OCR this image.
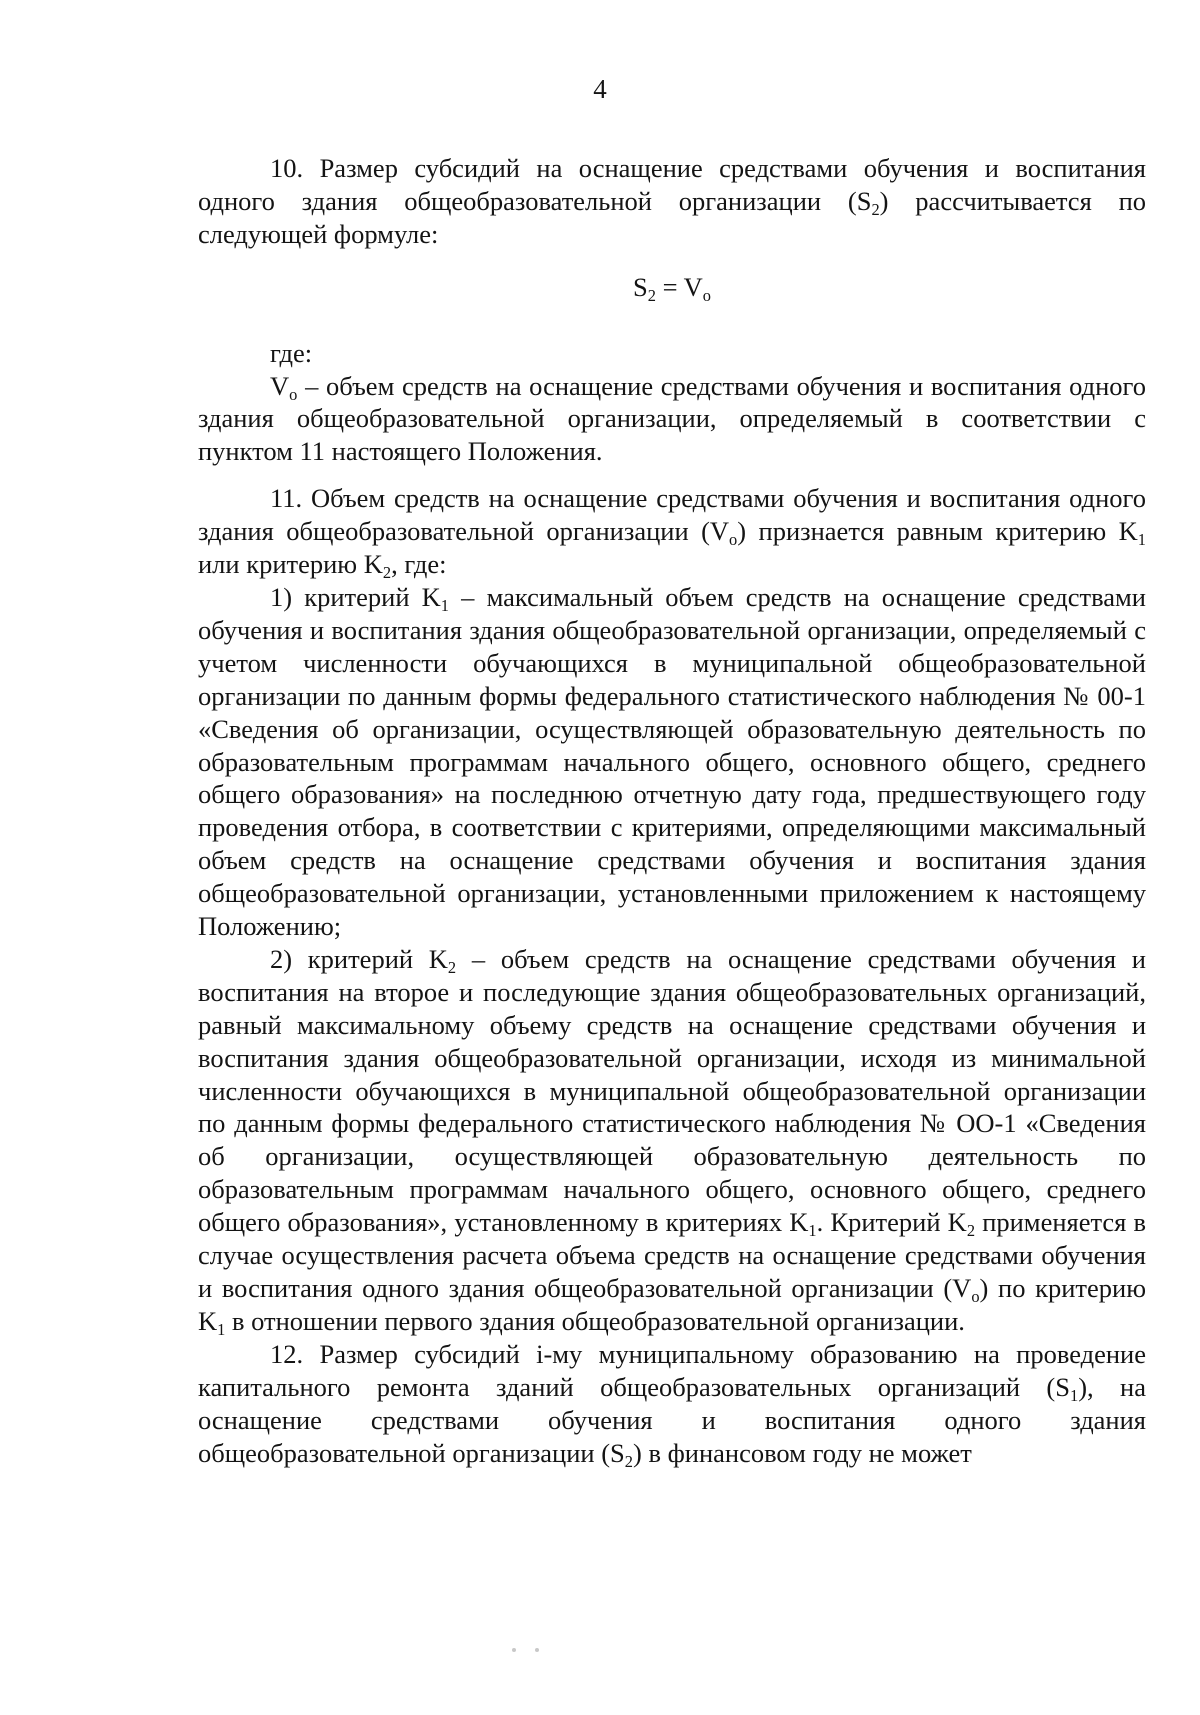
4

10. Размер субсидий на оснащение средствами обучения и воспитания одного здания общеобразовательной организации $(S_2)$ рассчитывается по следующей формуле:

$S_2 = V_о$

где:

$V_о$ – объем средств на оснащение средствами обучения и воспитания одного здания общеобразовательной организации, определяемый в соответствии с пунктом 11 настоящего Положения.

11. Объем средств на оснащение средствами обучения и воспитания одного здания общеобразовательной организации $(V_о)$ признается равным критерию $K_1$ или критерию $K_2$, где:

1) критерий $K_1$ – максимальный объем средств на оснащение средствами обучения и воспитания здания общеобразовательной организации, определяемый с учетом численности обучающихся в муниципальной общеобразовательной организации по данным формы федерального статистического наблюдения № 00-1 «Сведения об организации, осуществляющей образовательную деятельность по образовательным программам начального общего, основного общего, среднего общего образования» на последнюю отчетную дату года, предшествующего году проведения отбора, в соответствии с критериями, определяющими максимальный объем средств на оснащение средствами обучения и воспитания здания общеобразовательной организации, установленными приложением к настоящему Положению;

2) критерий $K_2$ – объем средств на оснащение средствами обучения и воспитания на второе и последующие здания общеобразовательных организаций, равный максимальному объему средств на оснащение средствами обучения и воспитания здания общеобразовательной организации, исходя из минимальной численности обучающихся в муниципальной общеобразовательной организации по данным формы федерального статистического наблюдения № ОО-1 «Сведения об организации, осуществляющей образовательную деятельность по образовательным программам начального общего, основного общего, среднего общего образования», установленному в критериях $K_1$. Критерий $K_2$ применяется в случае осуществления расчета объема средств на оснащение средствами обучения и воспитания одного здания общеобразовательной организации $(V_о)$ по критерию $K_1$ в отношении первого здания общеобразовательной организации.

12. Размер субсидий i-му муниципальному образованию на проведение капитального ремонта зданий общеобразовательных организаций $(S_1)$, на оснащение средствами обучения и воспитания одного здания общеобразовательной организации $(S_2)$ в финансовом году не может
